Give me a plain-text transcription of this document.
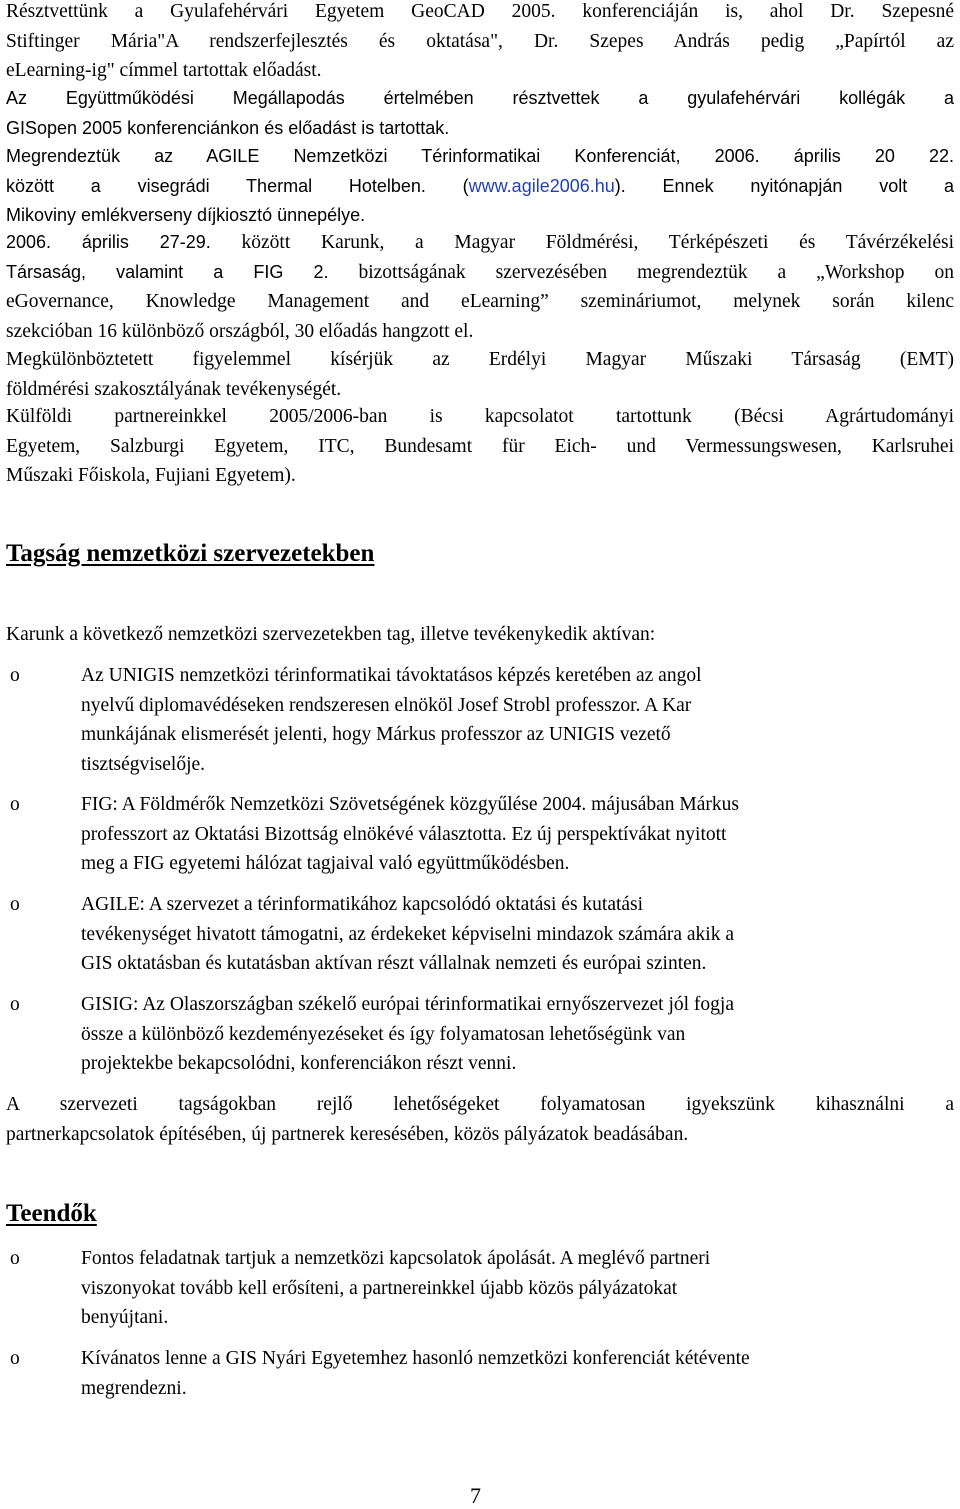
Résztvettünk a Gyulafehérvári Egyetem GeoCAD 2005. konferenciáján is, ahol Dr. Szepesné
Stiftinger Mária"A rendszerfejlesztés és oktatása", Dr. Szepes András pedig „Papírtól az
eLearning-ig" címmel tartottak előadást.
Az Együttműködési Megállapodás értelmében résztvettek a gyulafehérvári kollégák a
GISopen 2005 konferenciánkon és előadást is tartottak.
Megrendeztük az AGILE Nemzetközi Térinformatikai Konferenciát, 2006. április 20 22.
között a visegrádi Thermal Hotelben. (www.agile2006.hu). Ennek nyitónapján volt a
Mikoviny emlékverseny díjkiosztó ünnepélye.
2006. április 27-29. között Karunk, a Magyar Földmérési, Térképészeti és Távérzékelési
Társaság, valamint a FIG 2. bizottságának szervezésében megrendeztük a „Workshop on
eGovernance, Knowledge Management and eLearning” szemináriumot, melynek során kilenc
szekcióban 16 különböző országból, 30 előadás hangzott el.
Megkülönböztetett figyelemmel kísérjük az Erdélyi Magyar Műszaki Társaság (EMT)
földmérési szakosztályának tevékenységét.
Külföldi partnereinkkel 2005/2006-ban is kapcsolatot tartottunk (Bécsi Agrártudományi
Egyetem, Salzburgi Egyetem, ITC, Bundesamt für Eich- und Vermessungswesen, Karlsruhei
Műszaki Főiskola, Fujiani Egyetem).
Tagság nemzetközi szervezetekben
Karunk a következő nemzetközi szervezetekben tag, illetve tevékenykedik aktívan:
o	Az UNIGIS nemzetközi térinformatikai távoktatásos képzés keretében az angol
nyelvű diplomavédéseken rendszeresen elnököl Josef Strobl professzor. A Kar
munkájának elismerését jelenti, hogy Márkus professzor az UNIGIS vezető
tisztségviselője.
o	FIG: A Földmérők Nemzetközi Szövetségének közgyűlése 2004. májusában Márkus
professzort az Oktatási Bizottság elnökévé választotta. Ez új perspektívákat nyitott
meg a FIG egyetemi hálózat tagjaival való együttműködésben.
o	AGILE: A szervezet a térinformatikához kapcsolódó oktatási és kutatási
tevékenységet hivatott támogatni, az érdekeket képviselni mindazok számára akik a
GIS oktatásban és kutatásban aktívan részt vállalnak nemzeti és európai szinten.
o	GISIG: Az Olaszországban székelő európai térinformatikai ernyőszervezet jól fogja
össze a különböző kezdeményezéseket és így folyamatosan lehetőségünk van
projektekbe bekapcsolódni, konferenciákon részt venni.
A szervezeti tagságokban rejlő lehetőségeket folyamatosan igyekszünk kihasználni a
partnerkapcsolatok építésében, új partnerek keresésében, közös pályázatok beadásában.
Teendők
o	Fontos feladatnak tartjuk a nemzetközi kapcsolatok ápolását. A meglévő partneri
viszonyokat tovább kell erősíteni, a partnereinkkel újabb közös pályázatokat
benyújtani.
o	Kívánatos lenne a GIS Nyári Egyetemhez hasonló nemzetközi konferenciát kétévente
megrendezni.
7
